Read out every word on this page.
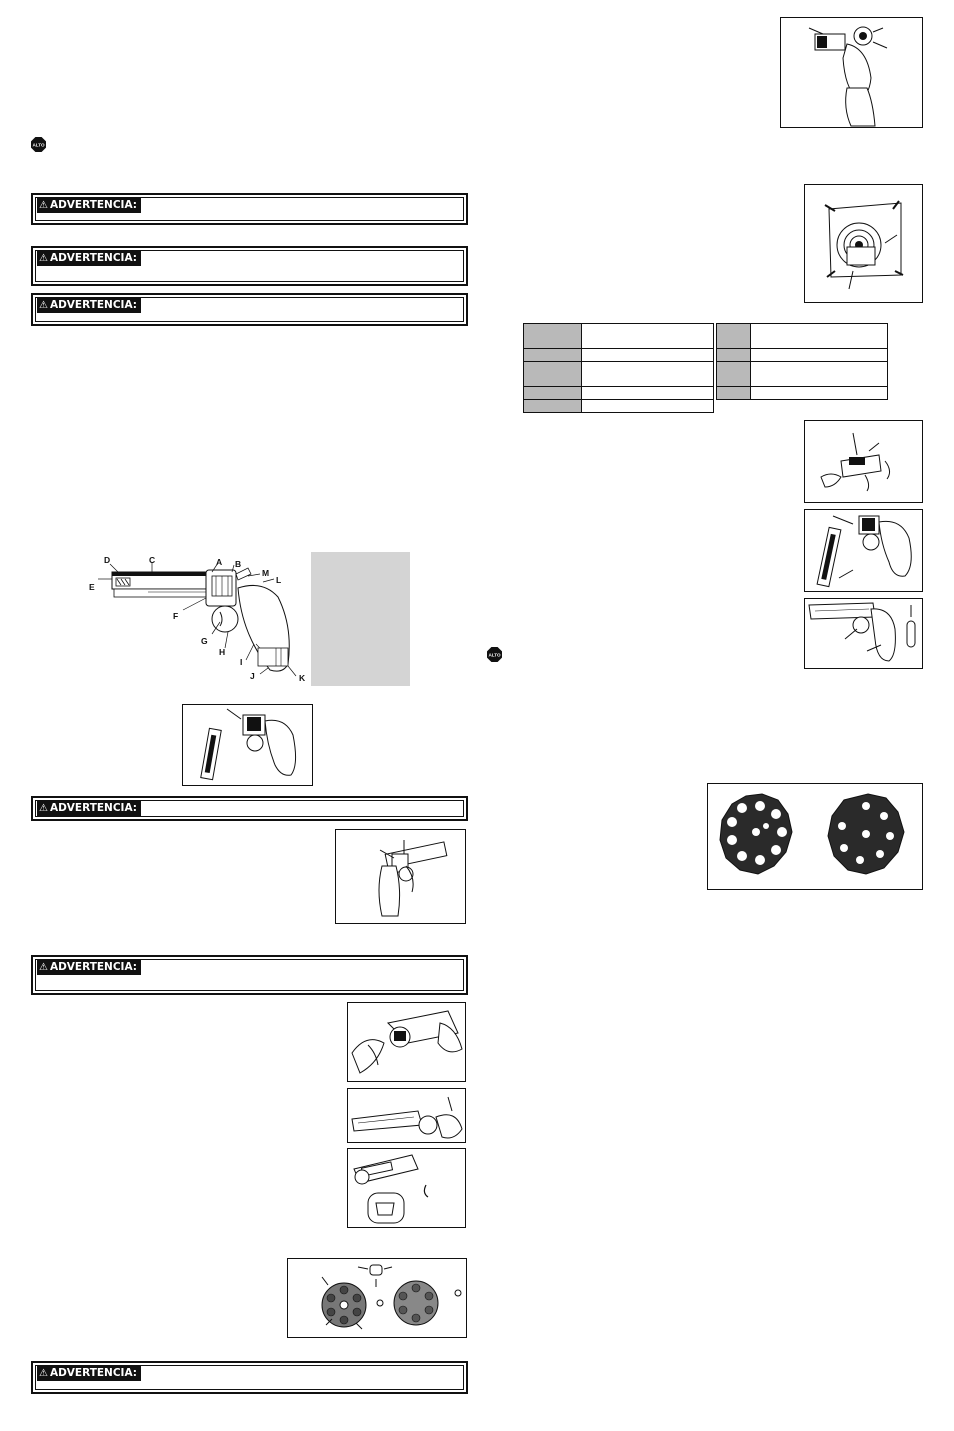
ALTO
ALTO
⚠ ADVERTENCIA:
⚠ ADVERTENCIA:
⚠ ADVERTENCIA:
⚠ ADVERTENCIA:
⚠ ADVERTENCIA:
⚠ ADVERTENCIA:
D	C	A B
M
L
E
F
G
H
I
J	K
